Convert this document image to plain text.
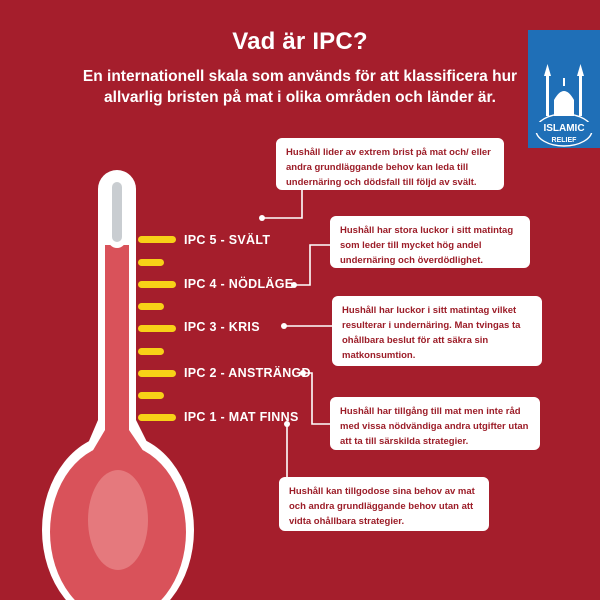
Vad är IPC?
En internationell skala som används för att klassificera hur allvarlig bristen på mat i olika områden och länder är.
ISLAMIC
RELIEF
IPC 5 - SVÄLT
IPC 4 - NÖDLÄGE
IPC 3 - KRIS
IPC 2 - ANSTRÄNGD
IPC 1 - MAT FINNS
Hushåll lider av extrem brist på mat och/ eller andra grundläggande behov kan leda till undernäring och dödsfall till följd av svält.
Hushåll har stora luckor i sitt matintag som leder till mycket hög andel undernäring och överdödlighet.
Hushåll har luckor i sitt matintag vilket resulterar i undernäring. Man tvingas ta ohållbara beslut för att säkra sin matkonsumtion.
Hushåll har tillgång till mat men inte råd med vissa nödvändiga andra utgifter utan att ta till särskilda strategier.
Hushåll kan tillgodose sina behov av mat och andra grundläggande behov utan att vidta ohållbara strategier.
